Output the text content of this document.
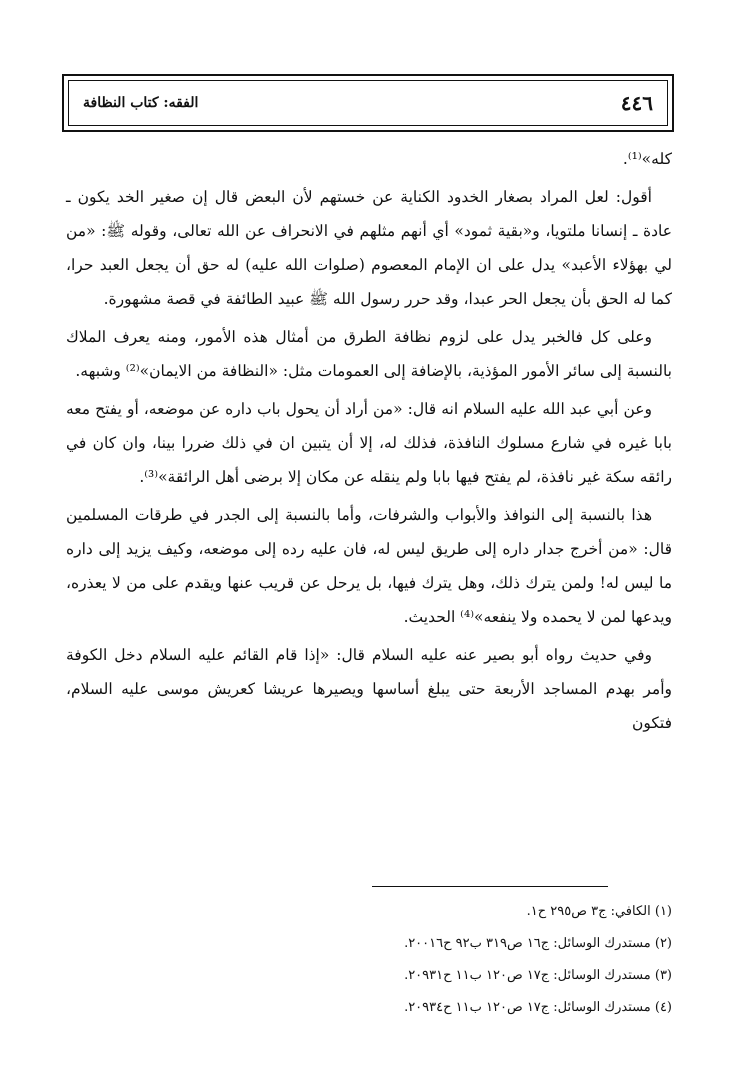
الفقه: كتاب النظافة	٤٤٦

كله»⁽¹⁾.

أقول: لعل المراد بصغار الخدود الكناية عن خستهم لأن البعض قال إن صغير الخد يكون ـ عادة ـ إنسانا ملتويا، و«بقية ثمود» أي أنهم مثلهم في الانحراف عن الله تعالى، وقوله ﷺ: «من لي بهؤلاء الأعبد» يدل على ان الإمام المعصوم (صلوات الله عليه) له حق أن يجعل العبد حرا، كما له الحق بأن يجعل الحر عبدا، وقد حرر رسول الله ﷺ عبيد الطائفة في قصة مشهورة.

وعلى كل فالخبر يدل على لزوم نظافة الطرق من أمثال هذه الأمور، ومنه يعرف الملاك بالنسبة إلى سائر الأمور المؤذية، بالإضافة إلى العمومات مثل: «النظافة من الايمان»⁽²⁾ وشبهه.

وعن أبي عبد الله عليه السلام انه قال: «من أراد أن يحول باب داره عن موضعه، أو يفتح معه بابا غيره في شارع مسلوك النافذة، فذلك له، إلا أن يتبين ان في ذلك ضررا بينا، وان كان في رائقه سكة غير نافذة، لم يفتح فيها بابا ولم ينقله عن مكان إلا برضى أهل الرائقة»⁽³⁾.

هذا بالنسبة إلى النوافذ والأبواب والشرفات، وأما بالنسبة إلى الجدر في طرقات المسلمين قال: «من أخرج جدار داره إلى طريق ليس له، فان عليه رده إلى موضعه، وكيف يزيد إلى داره ما ليس له! ولمن يترك ذلك، وهل يترك فيها، بل يرحل عن قريب عنها ويقدم على من لا يعذره، ويدعها لمن لا يحمده ولا ينفعه»⁽⁴⁾ الحديث.

وفي حديث رواه أبو بصير عنه عليه السلام قال: «إذا قام القائم عليه السلام دخل الكوفة وأمر بهدم المساجد الأربعة حتى يبلغ أساسها ويصيرها عريشا كعريش موسى عليه السلام، فتكون

(١) الكافي: ج٣ ص٢٩٥ ح١.
(٢) مستدرك الوسائل: ج١٦ ص٣١٩ ب٩٢ ح٢٠٠١٦.
(٣) مستدرك الوسائل: ج١٧ ص١٢٠ ب١١ ح٢٠٩٣١.
(٤) مستدرك الوسائل: ج١٧ ص١٢٠ ب١١ ح٢٠٩٣٤.
